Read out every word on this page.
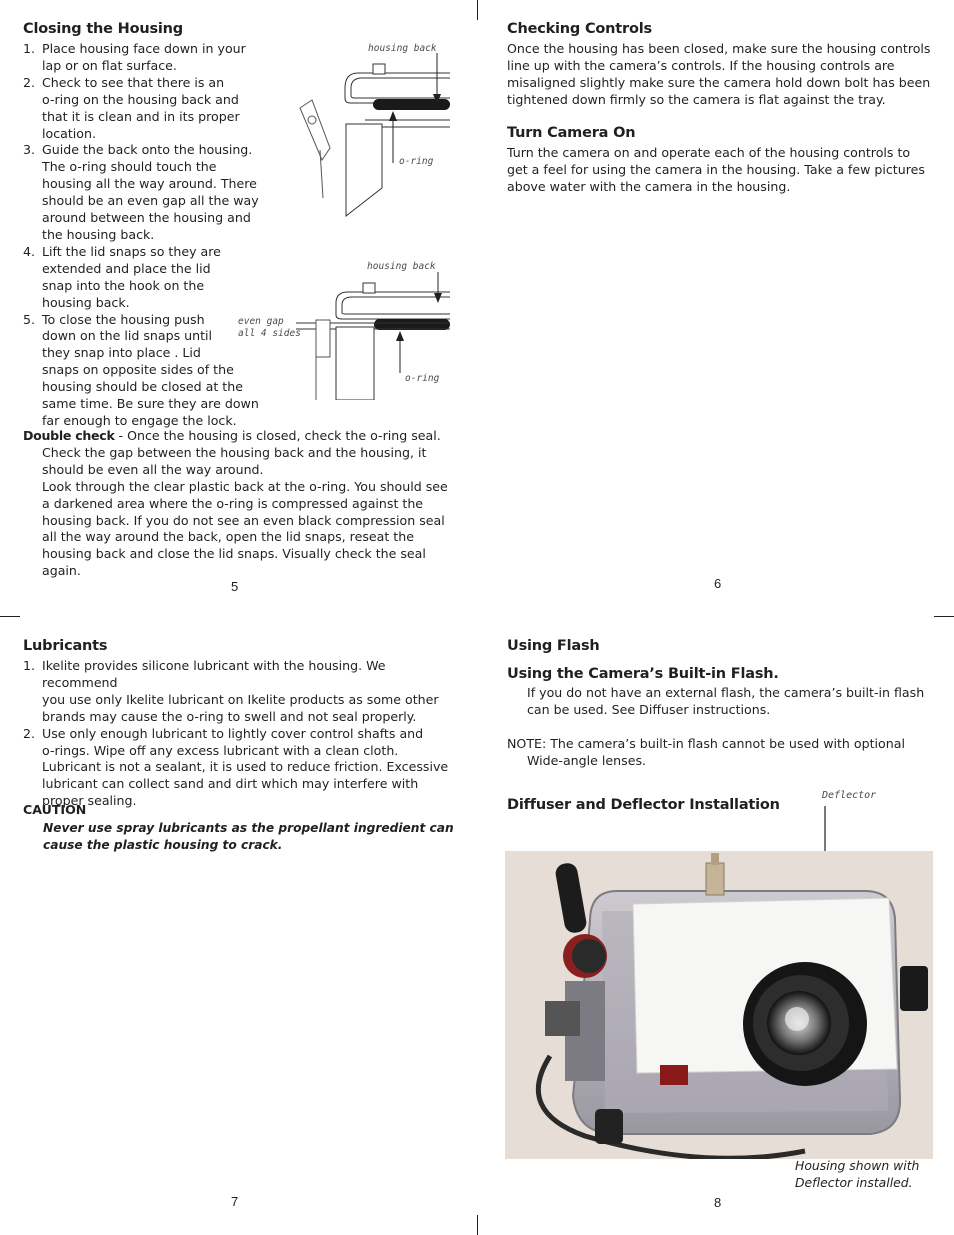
Closing the Housing
1. Place housing face down in your
lap or on flat surface.
2. Check to see that there is an
o-ring on the housing back and
that it is clean and in its proper
location.
3. Guide the back onto the housing.
The o-ring should touch the
housing all the way around. There
should be an even gap all the way
around between the housing and
the housing back.
4. Lift the lid snaps so they are
extended and place the lid
snap into the hook on the
housing back.
5. To close the housing push
down on the lid snaps until
they snap into place . Lid
snaps on opposite sides of the
housing should be closed at the
same time. Be sure they are down
far enough to engage the lock.
Double check - Once the housing is closed, check the o-ring seal.
Check the gap between the housing back and the housing, it
should be even all the way around.
Look through the clear plastic back at the o-ring. You should see
a darkened area where the o-ring is compressed against the
housing back. If you do not see an even black compression seal
all the way around the back, open the lid snaps, reseat the
housing back and close the lid snaps. Visually check the seal again.
housing back
o-ring
housing back
even gap
all 4 sides
o-ring
5
Checking Controls
Once the housing has been closed, make sure the housing controls
line up with the camera’s controls. If the housing controls are
misaligned slightly make sure the camera hold down bolt has been
tightened down firmly so the camera is flat against the tray.
Turn Camera On
Turn the camera on and operate each of the housing controls to
get a feel for using the camera in the housing. Take a few pictures
above water with the camera in the housing.
6
Lubricants
1. Ikelite provides silicone lubricant with the housing. We recommend
you use only Ikelite lubricant on Ikelite products as some other
brands may cause the o-ring to swell and not seal properly.
2. Use only enough lubricant to lightly cover control shafts and
o-rings. Wipe off any excess lubricant with a clean cloth.
Lubricant is not a sealant, it is used to reduce friction. Excessive
lubricant can collect sand and dirt which may interfere with
proper sealing.
CAUTION
Never use spray lubricants as the propellant ingredient can
cause the plastic housing to crack.
7
Using Flash
Using the Camera’s Built-in Flash.
If you do not have an external flash, the camera’s built-in flash
can be used. See Diffuser instructions.
NOTE: The camera’s built-in flash cannot be used with optional
Wide-angle lenses.
Diffuser and Deflector Installation
Deflector
Housing shown with
Deflector installed.
8
